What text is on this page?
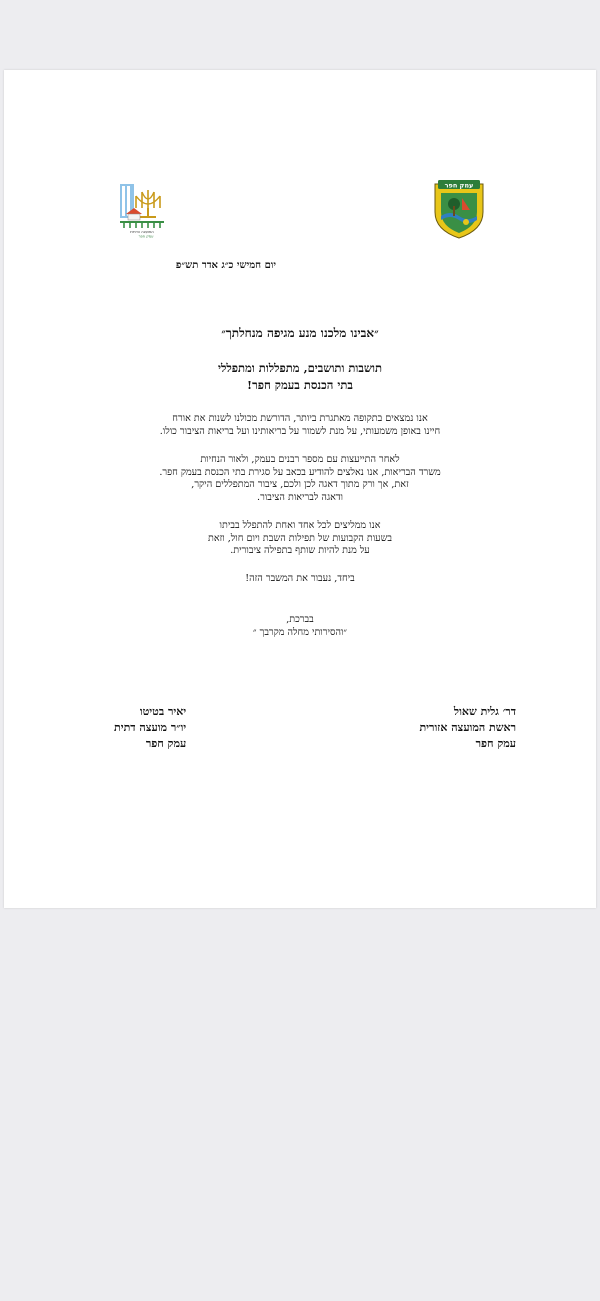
עמק חפר
המועצה הדתית
עמק חפר
יום חמישי כ״ג אדר תש״פ
״אבינו מלכנו מנע מגיפה מנחלתך״
תושבות ותושבים, מתפללות ומתפללי
בתי הכנסת בעמק חפר!
אנו נמצאים בתקופה מאתגרת ביותר, הדורשת מכולנו לשנות את אורח
חיינו באופן משמעותי, על מנת לשמור על בריאותינו ועל בריאות הציבור כולו.
לאחר התייעצות עם מספר רבנים בעמק, ולאור הנחיות
משרד הבריאות, אנו נאלצים להודיע בכאב על סגירת בתי הכנסת בעמק חפר.
זאת, אך ורק מתוך דאגה לכן ולכם, ציבור המתפללים היקר,
ודאגה לבריאות הציבור.
אנו ממליצים לכל אחד ואחת להתפלל בביתו
בשעות הקבועות של תפילות השבת ויום חול, וזאת
על מנת להיות שותף בתפילה ציבורית.
ביחד, נעבור את המשבר הזה!
בברכת,
״והסירותי מחלה מקרבך ״
דר׳ גלית שאול
ראשת המועצה אזורית
עמק חפר
יאיר בטיטו
יו״ר מועצה דתית
עמק חפר
